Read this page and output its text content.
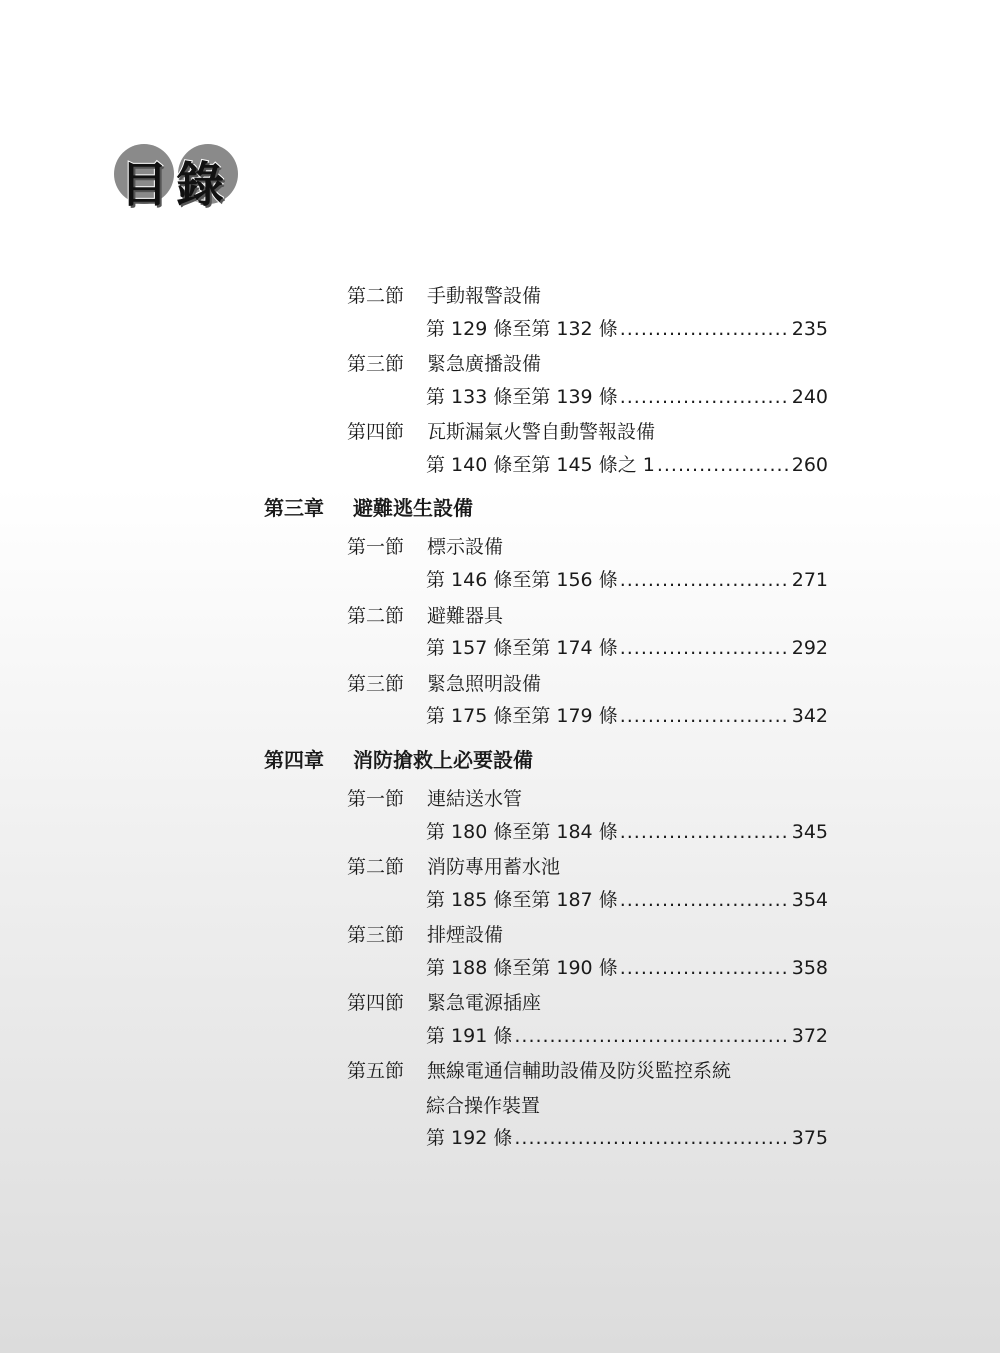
目錄
第二節 手動報警設備
第 129 條至第 132 條 .....	235
第三節 緊急廣播設備
第 133 條至第 139 條 .....	240
第四節 瓦斯漏氣火警自動警報設備
第 140 條至第 145 條之 1 .....	260
第三章 避難逃生設備
第一節 標示設備
第 146 條至第 156 條 .....	271
第二節 避難器具
第 157 條至第 174 條 .....	292
第三節 緊急照明設備
第 175 條至第 179 條 .....	342
第四章 消防搶救上必要設備
第一節 連結送水管
第 180 條至第 184 條 .....	345
第二節 消防專用蓄水池
第 185 條至第 187 條 .....	354
第三節 排煙設備
第 188 條至第 190 條 .....	358
第四節 緊急電源插座
第 191 條 .....	372
第五節 無線電通信輔助設備及防災監控系統
綜合操作裝置
第 192 條 .....	375
